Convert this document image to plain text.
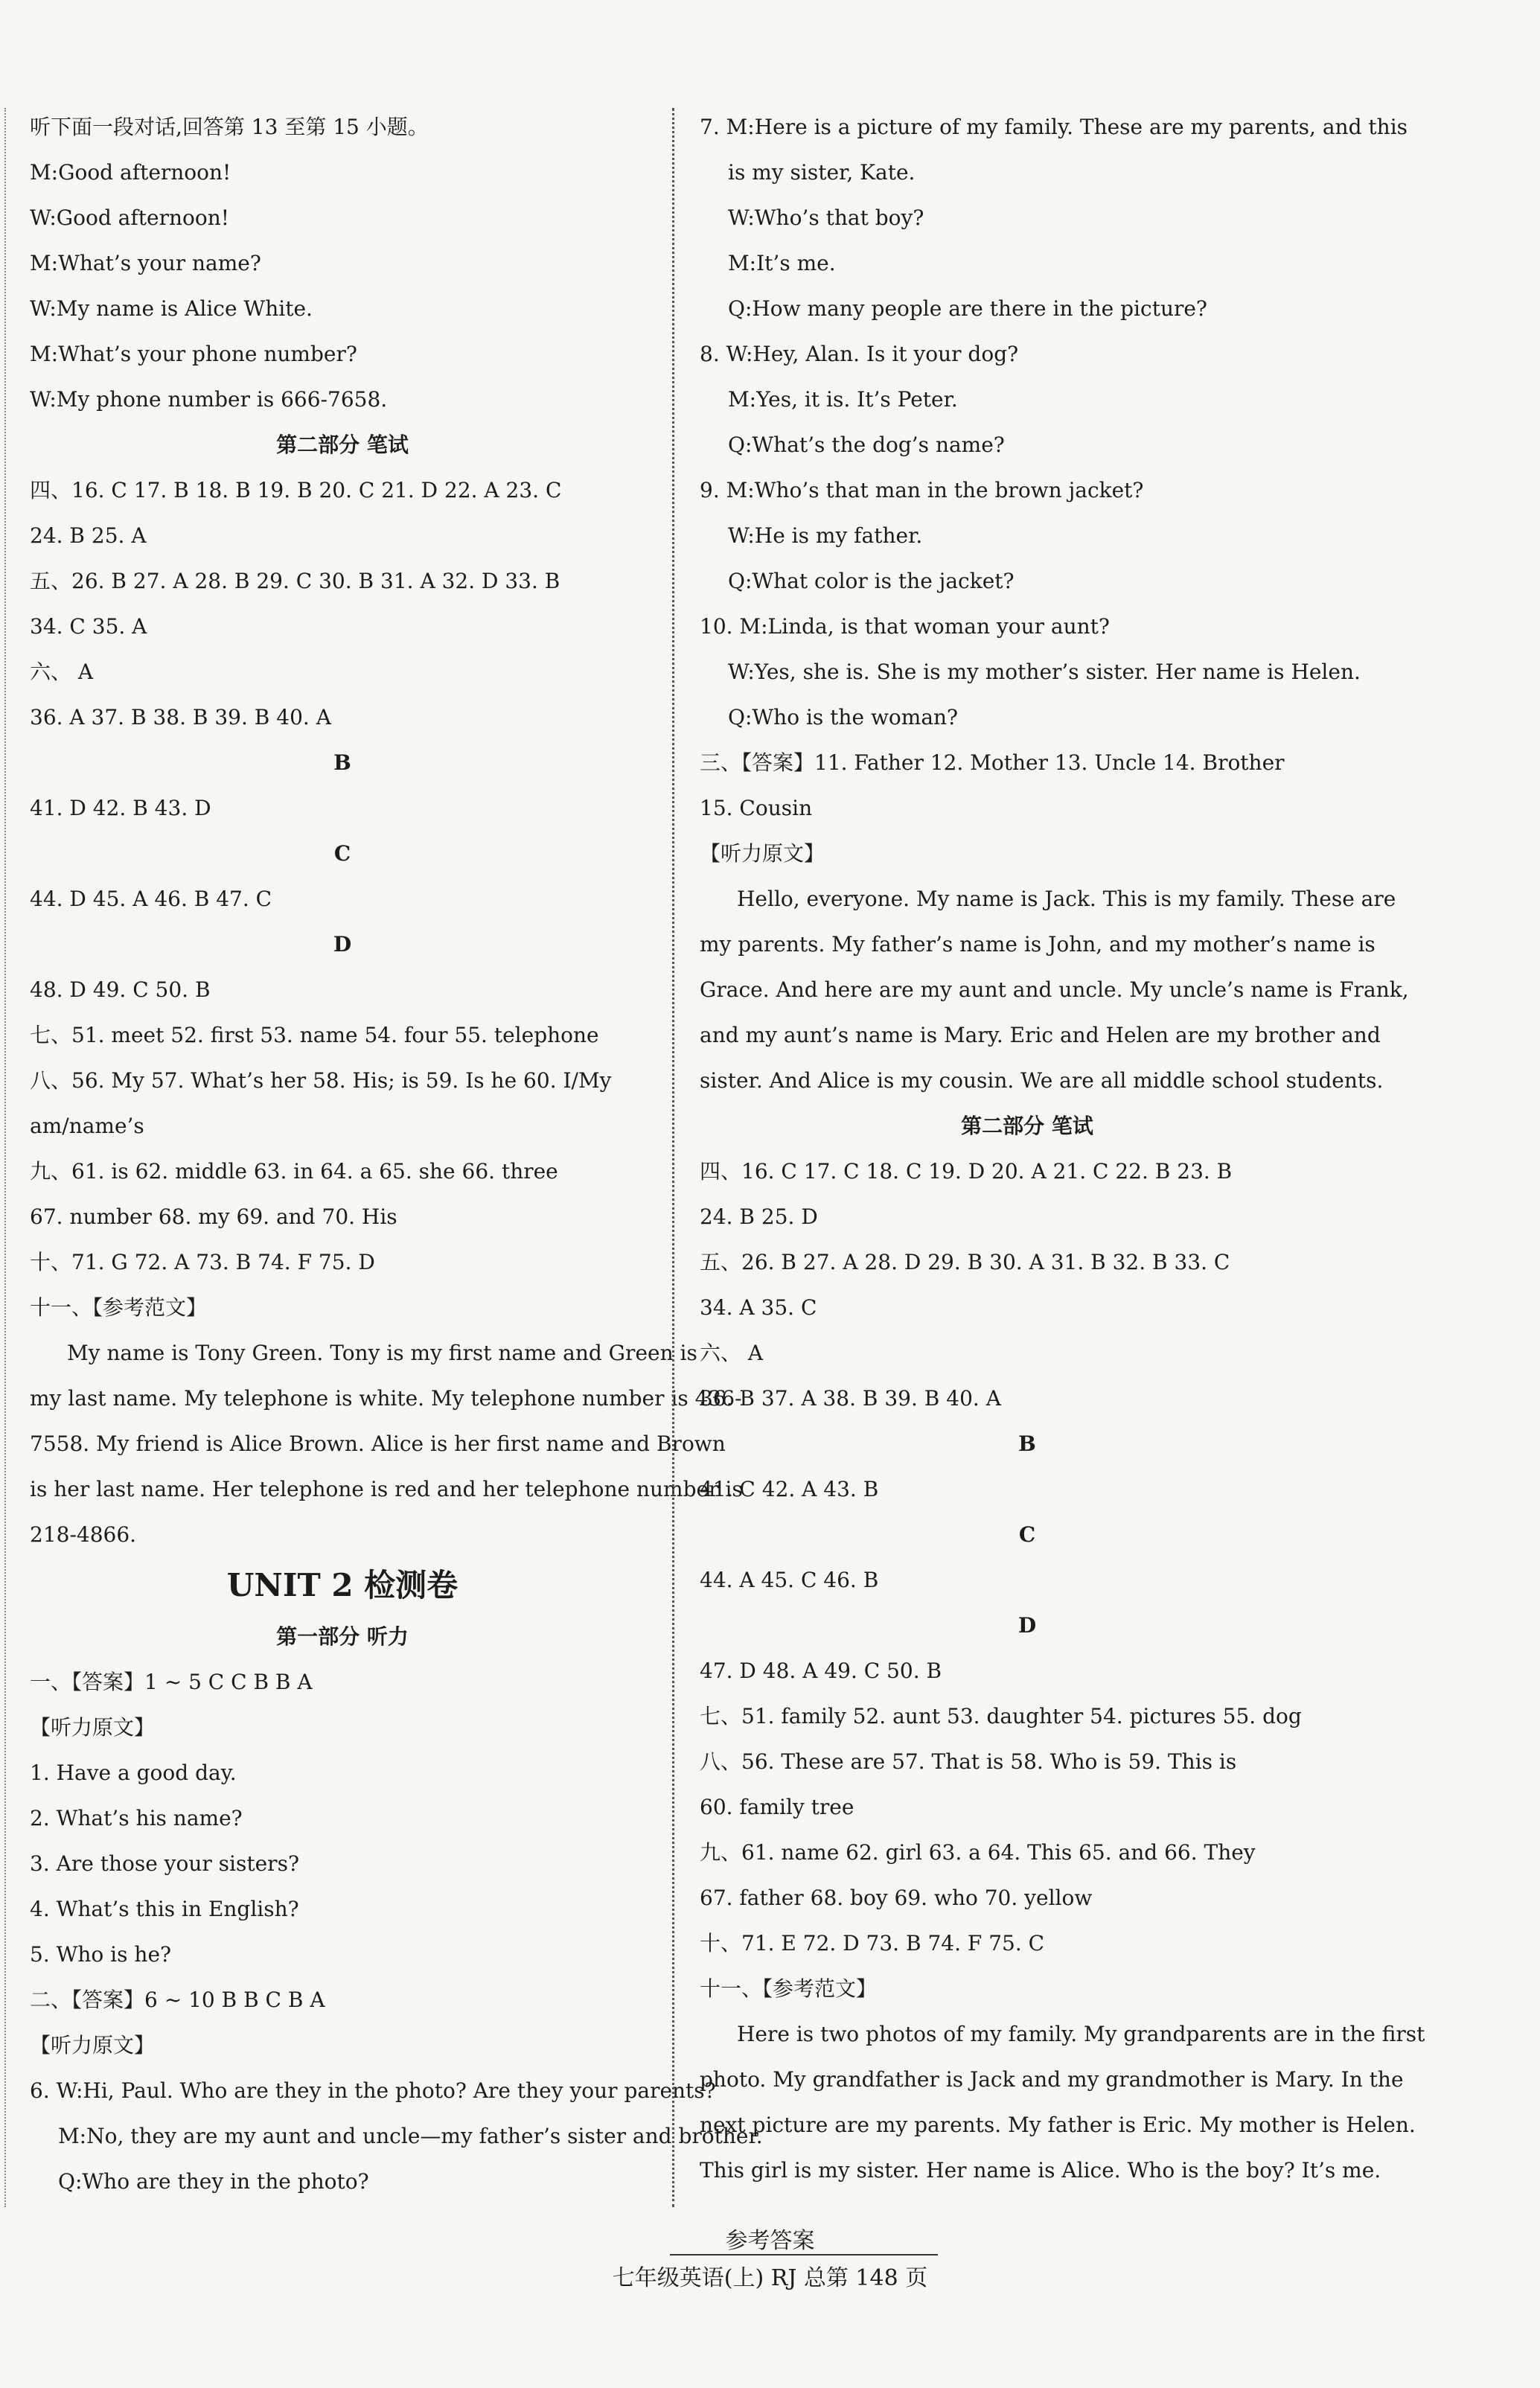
听下面一段对话,回答第 13 至第 15 小题。
M:Good afternoon!
W:Good afternoon!
M:What’s your name?
W:My name is Alice White.
M:What’s your phone number?
W:My phone number is 666-7658.
第二部分 笔试
四、16. C 17. B 18. B 19. B 20. C 21. D 22. A 23. C
24. B 25. A
五、26. B 27. A 28. B 29. C 30. B 31. A 32. D 33. B
34. C 35. A
六、 A
36. A 37. B 38. B 39. B 40. A
B
41. D 42. B 43. D
C
44. D 45. A 46. B 47. C
D
48. D 49. C 50. B
七、51. meet 52. first 53. name 54. four 55. telephone
八、56. My 57. What’s her 58. His; is 59. Is he 60. I/My
am/name’s
九、61. is 62. middle 63. in 64. a 65. she 66. three
67. number 68. my 69. and 70. His
十、71. G 72. A 73. B 74. F 75. D
十一、【参考范文】
My name is Tony Green. Tony is my first name and Green is
my last name. My telephone is white. My telephone number is 436-
7558. My friend is Alice Brown. Alice is her first name and Brown
is her last name. Her telephone is red and her telephone number is
218-4866.
UNIT 2 检测卷
第一部分 听力
一、【答案】1 ~ 5 C C B B A
【听力原文】
1. Have a good day.
2. What’s his name?
3. Are those your sisters?
4. What’s this in English?
5. Who is he?
二、【答案】6 ~ 10 B B C B A
【听力原文】
6. W:Hi, Paul. Who are they in the photo? Are they your parents?
M:No, they are my aunt and uncle—my father’s sister and brother.
Q:Who are they in the photo?
7. M:Here is a picture of my family. These are my parents, and this
is my sister, Kate.
W:Who’s that boy?
M:It’s me.
Q:How many people are there in the picture?
8. W:Hey, Alan. Is it your dog?
M:Yes, it is. It’s Peter.
Q:What’s the dog’s name?
9. M:Who’s that man in the brown jacket?
W:He is my father.
Q:What color is the jacket?
10. M:Linda, is that woman your aunt?
W:Yes, she is. She is my mother’s sister. Her name is Helen.
Q:Who is the woman?
三、【答案】11. Father 12. Mother 13. Uncle 14. Brother
15. Cousin
【听力原文】
Hello, everyone. My name is Jack. This is my family. These are
my parents. My father’s name is John, and my mother’s name is
Grace. And here are my aunt and uncle. My uncle’s name is Frank,
and my aunt’s name is Mary. Eric and Helen are my brother and
sister. And Alice is my cousin. We are all middle school students.
第二部分 笔试
四、16. C 17. C 18. C 19. D 20. A 21. C 22. B 23. B
24. B 25. D
五、26. B 27. A 28. D 29. B 30. A 31. B 32. B 33. C
34. A 35. C
六、 A
36. B 37. A 38. B 39. B 40. A
B
41. C 42. A 43. B
C
44. A 45. C 46. B
D
47. D 48. A 49. C 50. B
七、51. family 52. aunt 53. daughter 54. pictures 55. dog
八、56. These are 57. That is 58. Who is 59. This is
60. family tree
九、61. name 62. girl 63. a 64. This 65. and 66. They
67. father 68. boy 69. who 70. yellow
十、71. E 72. D 73. B 74. F 75. C
十一、【参考范文】
Here is two photos of my family. My grandparents are in the first
photo. My grandfather is Jack and my grandmother is Mary. In the
next picture are my parents. My father is Eric. My mother is Helen.
This girl is my sister. Her name is Alice. Who is the boy? It’s me.
参考答案
七年级英语(上) RJ 总第 148 页
